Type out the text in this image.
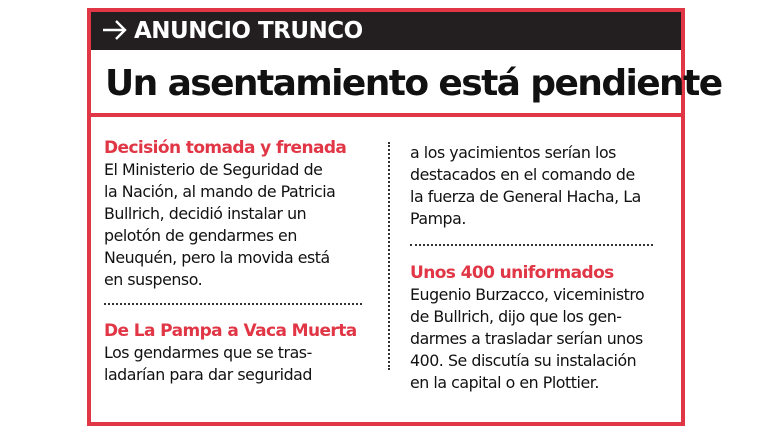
ANUNCIO TRUNCO
Un asentamiento está pendiente
Decisión tomada y frenada

El Ministerio de Seguridad de

la Nación, al mando de Patricia

Bullrich, decidió instalar un

pelotón de gendarmes en

Neuquén, pero la movida está

en suspenso.

De La Pampa a Vaca Muerta

Los gendarmes que se tras-

ladarían para dar seguridad

a los yacimientos serían los

destacados en el comando de

la fuerza de General Hacha, La

Pampa.

Unos 400 uniformados

Eugenio Burzacco, viceministro

de Bullrich, dijo que los gen-

darmes a trasladar serían unos

400. Se discutía su instalación

en la capital o en Plottier.
